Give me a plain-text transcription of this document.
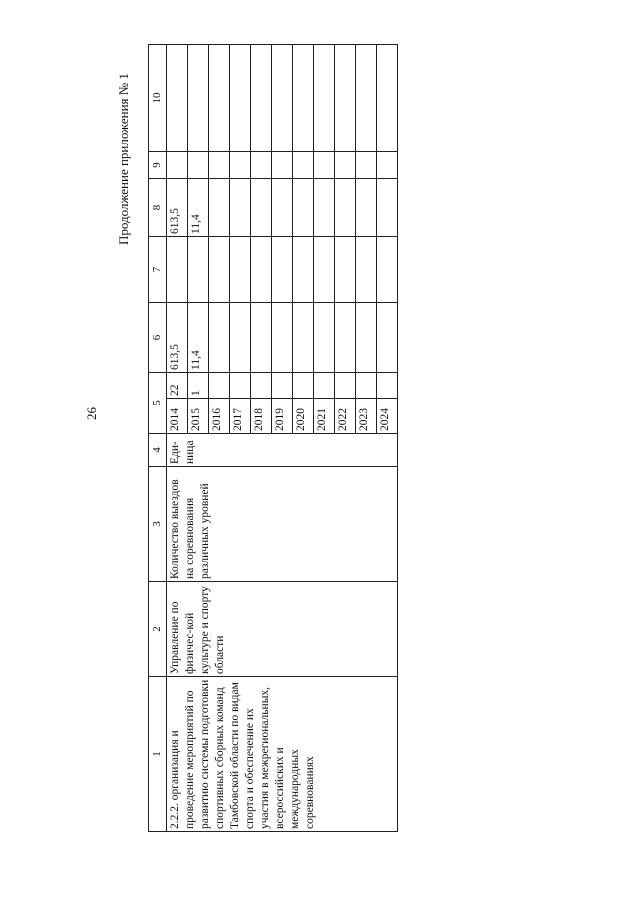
26
Продолжение приложения № 1
1	2	3	4	5		6	7	8	9	10
2.2.2. организация и проведение мероприятий по развитию системы подготовки спортивных сборных команд Тамбовской области по видам спорта и обеспечение их участия в межрегиональных, всероссийских и международных соревнованиях	Управление по физичес-кой культуре и спорту области	Количество выездов на соревнования различных уровней	Еди-ница	2014	22	613,5		613,5		
				2015	1	11,4		11,4		
				2016						
				2017						
				2018						
				2019						
				2020						
				2021						
				2022						
				2023						
				2024						
